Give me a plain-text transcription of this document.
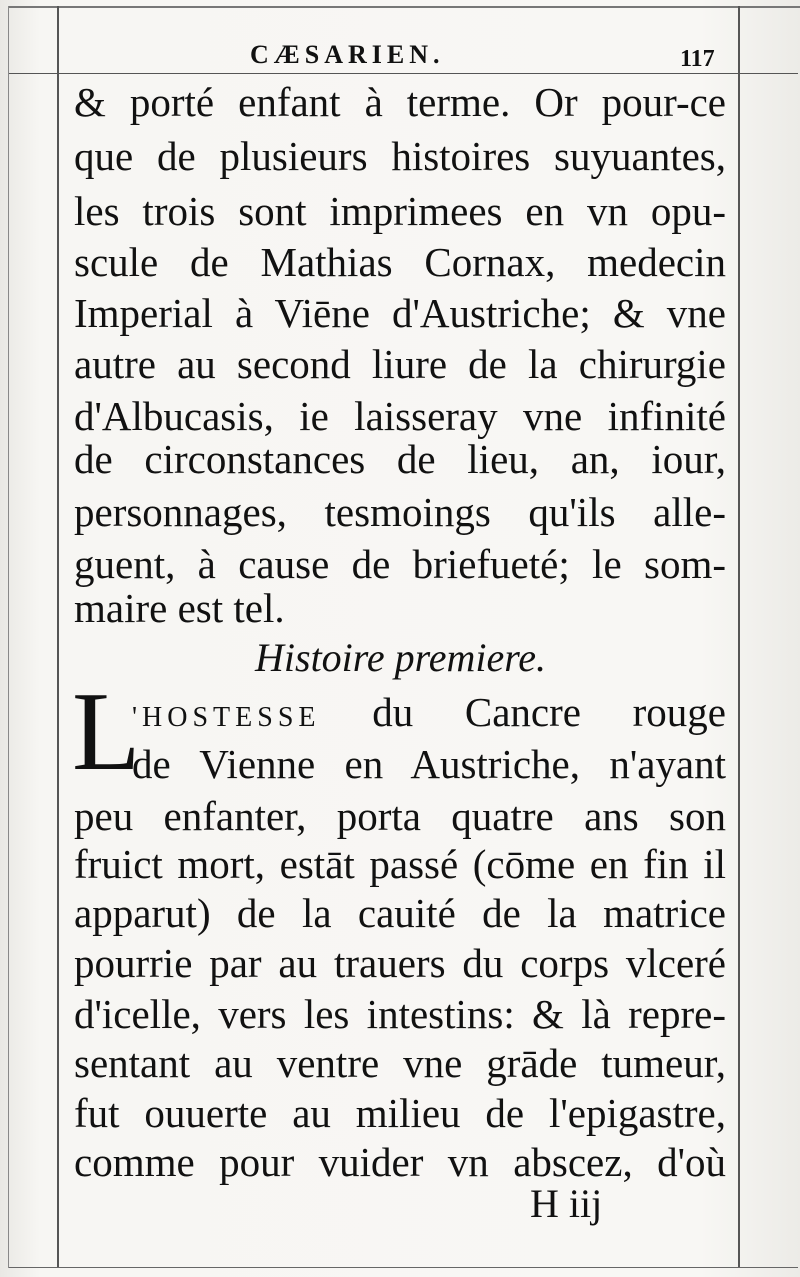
CÆSARIEN.	117
& porté enfant à terme. Or pour-ce
que de plusieurs histoires suyuantes,
les trois sont imprimees en vn opu-
scule de Mathias Cornax, medecin
Imperial à Viēne d'Austriche; & vne
autre au second liure de la chirurgie
d'Albucasis, ie laisseray vne infinité
de circonstances de lieu, an, iour,
personnages, tesmoings qu'ils alle-
guent, à cause de briefueté; le som-
maire est tel.
Histoire premiere.
L
'HOSTESSE du Cancre rouge
de Vienne en Austriche, n'ayant
peu enfanter, porta quatre ans son
fruict mort, estāt passé (cōme en fin il
apparut) de la cauité de la matrice
pourrie par au trauers du corps vlceré
d'icelle, vers les intestins: & là repre-
sentant au ventre vne grāde tumeur,
fut ouuerte au milieu de l'epigastre,
comme pour vuider vn abscez, d'où
H iij
